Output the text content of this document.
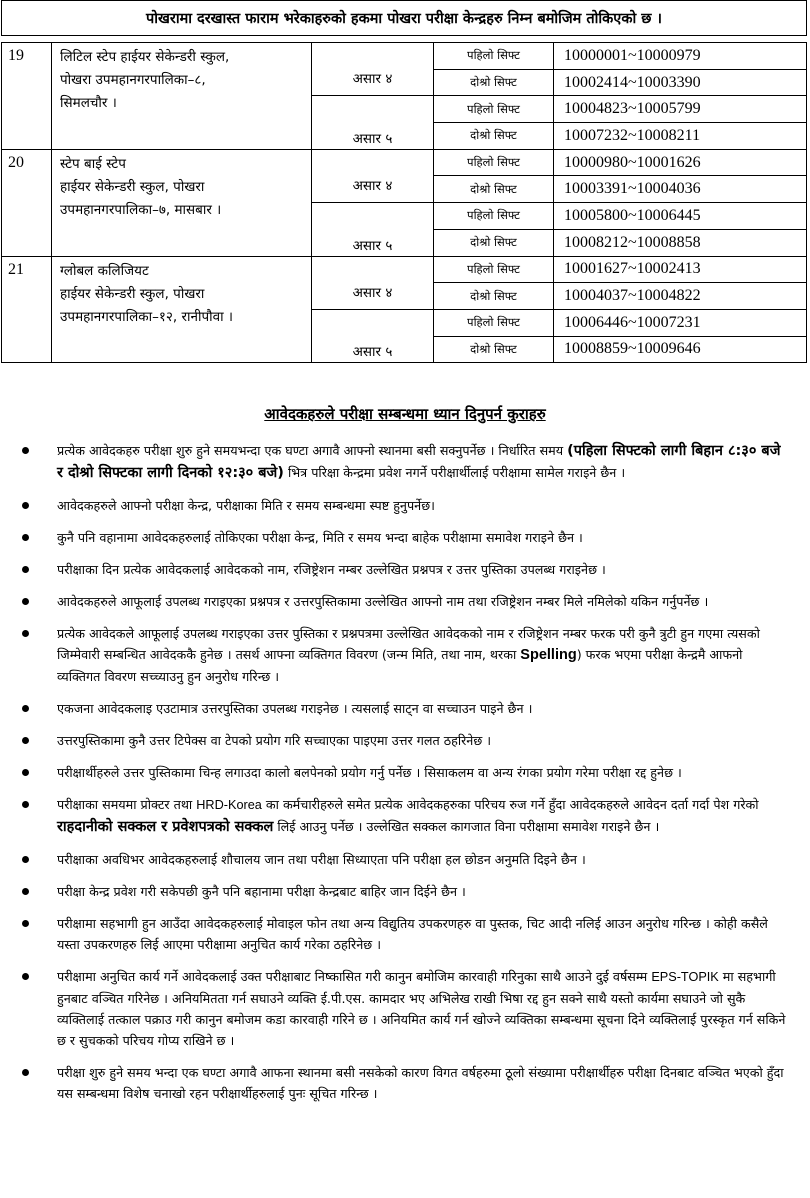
पोखरामा दरखास्त फाराम भरेकाहरुको हकमा पोखरा परीक्षा केन्द्रहरु निम्न बमोजिम तोकिएको छ ।
19	लिटिल स्टेप हाईयर सेकेन्डरी स्कुल,
पोखरा उपमहानगरपालिका–८,
सिमलचौर ।	असार ४	पहिलो सिफ्ट	10000001~10000979
			दोश्रो सिफ्ट	10002414~10003390
		असार ५	पहिलो सिफ्ट	10004823~10005799
			दोश्रो सिफ्ट	10007232~10008211
20	स्टेप बाई स्टेप
हाईयर सेकेन्डरी स्कुल, पोखरा
उपमहानगरपालिका–७, मासबार ।	असार ४	पहिलो सिफ्ट	10000980~10001626
			दोश्रो सिफ्ट	10003391~10004036
		असार ५	पहिलो सिफ्ट	10005800~10006445
			दोश्रो सिफ्ट	10008212~10008858
21	ग्लोबल कलिजियट
हाईयर सेकेन्डरी स्कुल, पोखरा
उपमहानगरपालिका–१२, रानीपौवा ।	असार ४	पहिलो सिफ्ट	10001627~10002413
			दोश्रो सिफ्ट	10004037~10004822
		असार ५	पहिलो सिफ्ट	10006446~10007231
			दोश्रो सिफ्ट	10008859~10009646
आवेदकहरुले परीक्षा सम्बन्धमा ध्यान दिनुपर्न कुराहरु
प्रत्येक आवेदकहरु परीक्षा शुरु हुने समयभन्दा एक घण्टा अगावै आफ्नो स्थानमा बसी सक्नुपर्नेछ । निर्धारित समय (पहिला सिफ्टको लागी बिहान ८:३० बजे र दोश्रो सिफ्टका लागी दिनको १२:३० बजे) भित्र परिक्षा केन्द्रमा प्रवेश नगर्ने परीक्षार्थीलाई परीक्षामा सामेल गराइने छैन ।
आवेदकहरुले आफ्नो परीक्षा केन्द्र, परीक्षाका मिति र समय सम्बन्धमा स्पष्ट हुनुपर्नेछ।
कुनै पनि वहानामा आवेदकहरुलाई तोकिएका परीक्षा केन्द्र, मिति र समय भन्दा बाहेक परीक्षामा समावेश गराइने छैन ।
परीक्षाका दिन प्रत्येक आवेदकलाई आवेदकको नाम, रजिष्ट्रेशन नम्बर उल्लेखित प्रश्नपत्र र उत्तर पुस्तिका उपलब्ध गराइनेछ ।
आवेदकहरुले आफूलाई उपलब्ध गराइएका प्रश्नपत्र र उत्तरपुस्तिकामा उल्लेखित आफ्नो नाम तथा रजिष्ट्रेशन नम्बर मिले नमिलेको यकिन गर्नुपर्नेछ ।
प्रत्येक आवेदकले आफूलाई उपलब्ध गराइएका उत्तर पुस्तिका र प्रश्नपत्रमा उल्लेखित आवेदकको नाम र रजिष्ट्रेशन नम्बर फरक परी कुनै त्रुटी हुन गएमा त्यसको जिम्मेवारी सम्बन्धित आवेदककै हुनेछ । तसर्थ आफ्ना व्यक्तिगत विवरण (जन्म मिति, तथा नाम, थरका Spelling) फरक भएमा परीक्षा केन्द्रमै आफनो व्यक्तिगत विवरण सच्च्याउनु हुन अनुरोध गरिन्छ ।
एकजना आवेदकलाइ एउटामात्र उत्तरपुस्तिका उपलब्ध गराइनेछ । त्यसलाई साट्न वा सच्चाउन पाइने छैन ।
उत्तरपुस्तिकामा कुनै उत्तर टिपेक्स वा टेपको प्रयोग गरि सच्चाएका पाइएमा उत्तर गलत ठहरिनेछ ।
परीक्षार्थीहरुले उत्तर पुस्तिकामा चिन्ह लगाउदा कालो बलपेनको प्रयोग गर्नु पर्नेछ । सिसाकलम वा अन्य रंगका प्रयोग गरेमा परीक्षा रद्द हुनेछ ।
परीक्षाका समयमा प्रोक्टर तथा HRD-Korea का कर्मचारीहरुले समेत प्रत्येक आवेदकहरुका परिचय रुज गर्ने हुँदा आवेदकहरुले आवेदन दर्ता गर्दा पेश गरेको राहदानीको सक्कल र प्रवेशपत्रको सक्कल लिई आउनु पर्नेछ । उल्लेखित सक्कल कागजात विना परीक्षामा समावेश गराइने छैन ।
परीक्षाका अवधिभर आवेदकहरुलाई शौचालय जान तथा परीक्षा सिध्याएता पनि परीक्षा हल छोडन अनुमति दिइने छैन ।
परीक्षा केन्द्र प्रवेश गरी सकेपछी कुनै पनि बहानामा परीक्षा केन्द्रबाट बाहिर जान दिईने छैन ।
परीक्षामा सहभागी हुन आउँदा आवेदकहरुलाई मोवाइल फोन तथा अन्य विद्युतिय उपकरणहरु वा पुस्तक, चिट आदी नलिई आउन अनुरोध गरिन्छ । कोही कसैले यस्ता उपकरणहरु लिई आएमा परीक्षामा अनुचित कार्य गरेका ठहरिनेछ ।
परीक्षामा अनुचित कार्य गर्ने आवेदकलाई उक्त परीक्षाबाट निष्कासित गरी कानुन बमोजिम कारवाही गरिनुका साथै आउने दुई वर्षसम्म EPS-TOPIK मा सहभागी हुनबाट वञ्चित गरिनेछ । अनियमितता गर्न सघाउने व्यक्ति ई.पी.एस. कामदार भए अभिलेख राखी भिषा रद्द हुन सक्ने साथै यस्तो कार्यमा सघाउने जो सुकै व्यक्तिलाई तत्काल पक्राउ गरी कानुन बमोजम कडा कारवाही गरिने छ । अनियमित कार्य गर्न खोज्ने व्यक्तिका सम्बन्धमा सूचना दिने व्यक्तिलाई पुरस्कृत गर्न सकिने छ र सुचकको परिचय गोप्य राखिने छ ।
परीक्षा शुरु हुने समय भन्दा एक घण्टा अगावै आफना स्थानमा बसी नसकेको कारण विगत वर्षहरुमा ठूलो संख्यामा परीक्षार्थीहरु परीक्षा दिनबाट वञ्चित भएको हुँदा यस सम्बन्धमा विशेष चनाखो रहन परीक्षार्थीहरुलाई पुनः सूचित गरिन्छ ।
